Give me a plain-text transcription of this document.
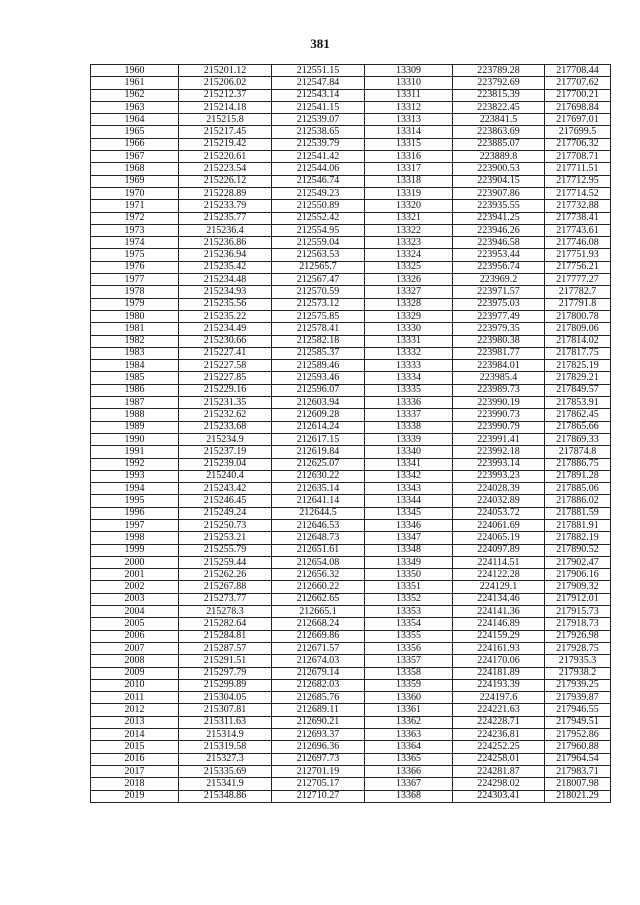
381
1960	215201.12	212551.15	13309	223789.28	217708.44
1961	215206.02	212547.84	13310	223792.69	217707.62
1962	215212.37	212543.14	13311	223815.39	217700.21
1963	215214.18	212541.15	13312	223822.45	217698.84
1964	215215.8	212539.07	13313	223841.5	217697.01
1965	215217.45	212538.65	13314	223863.69	217699.5
1966	215219.42	212539.79	13315	223885.07	217706.32
1967	215220.61	212541.42	13316	223889.8	217708.71
1968	215223.54	212544.06	13317	223900.53	217711.51
1969	215226.12	212546.74	13318	223904.15	217712.95
1970	215228.89	212549.23	13319	223907.86	217714.52
1971	215233.79	212550.89	13320	223935.55	217732.88
1972	215235.77	212552.42	13321	223941.25	217738.41
1973	215236.4	212554.95	13322	223946.26	217743.61
1974	215236.86	212559.04	13323	223946.58	217746.08
1975	215236.94	212563.53	13324	223953.44	217751.93
1976	215235.42	212565.7	13325	223956.74	217756.21
1977	215234.48	212567.47	13326	223969.2	217777.27
1978	215234.93	212570.59	13327	223971.57	217782.7
1979	215235.56	212573.12	13328	223975.03	217791.8
1980	215235.22	212575.85	13329	223977.49	217800.78
1981	215234.49	212578.41	13330	223979.35	217809.06
1982	215230.66	212582.18	13331	223980.38	217814.02
1983	215227.41	212585.37	13332	223981.77	217817.75
1984	215227.58	212589.46	13333	223984.01	217825.19
1985	215227.85	212593.46	13334	223985.4	217829.21
1986	215229.16	212596.07	13335	223989.73	217849.57
1987	215231.35	212603.94	13336	223990.19	217853.91
1988	215232.62	212609.28	13337	223990.73	217862.45
1989	215233.68	212614.24	13338	223990.79	217865.66
1990	215234.9	212617.15	13339	223991.41	217869.33
1991	215237.19	212619.84	13340	223992.18	217874.8
1992	215239.04	212625.07	13341	223993.14	217886.75
1993	215240.4	212630.22	13342	223993.23	217891.28
1994	215243.42	212635.14	13343	224028.39	217885.06
1995	215246.45	212641.14	13344	224032.89	217886.02
1996	215249.24	212644.5	13345	224053.72	217881.59
1997	215250.73	212646.53	13346	224061.69	217881.91
1998	215253.21	212648.73	13347	224065.19	217882.19
1999	215255.79	212651.61	13348	224097.89	217890.52
2000	215259.44	212654.08	13349	224114.51	217902.47
2001	215262.26	212656.32	13350	224122.28	217906.16
2002	215267.88	212660.22	13351	224129.1	217909.32
2003	215273.77	212662.65	13352	224134.46	217912.01
2004	215278.3	212665.1	13353	224141.36	217915.73
2005	215282.64	212668.24	13354	224146.89	217918.73
2006	215284.81	212669.86	13355	224159.29	217926.98
2007	215287.57	212671.57	13356	224161.93	217928.75
2008	215291.51	212674.03	13357	224170.06	217935.3
2009	215297.79	212679.14	13358	224181.89	217938.2
2010	215299.89	212682.03	13359	224193.39	217939.25
2011	215304.05	212685.76	13360	224197.6	217939.87
2012	215307.81	212689.11	13361	224221.63	217946.55
2013	215311.63	212690.21	13362	224228.71	217949.51
2014	215314.9	212693.37	13363	224236.81	217952.86
2015	215319.58	212696.36	13364	224252.25	217960.88
2016	215327.3	212697.73	13365	224258.01	217964.54
2017	215335.69	212701.19	13366	224281.87	217983.71
2018	215341.9	212705.17	13367	224298.02	218007.98
2019	215348.86	212710.27	13368	224303.41	218021.29
